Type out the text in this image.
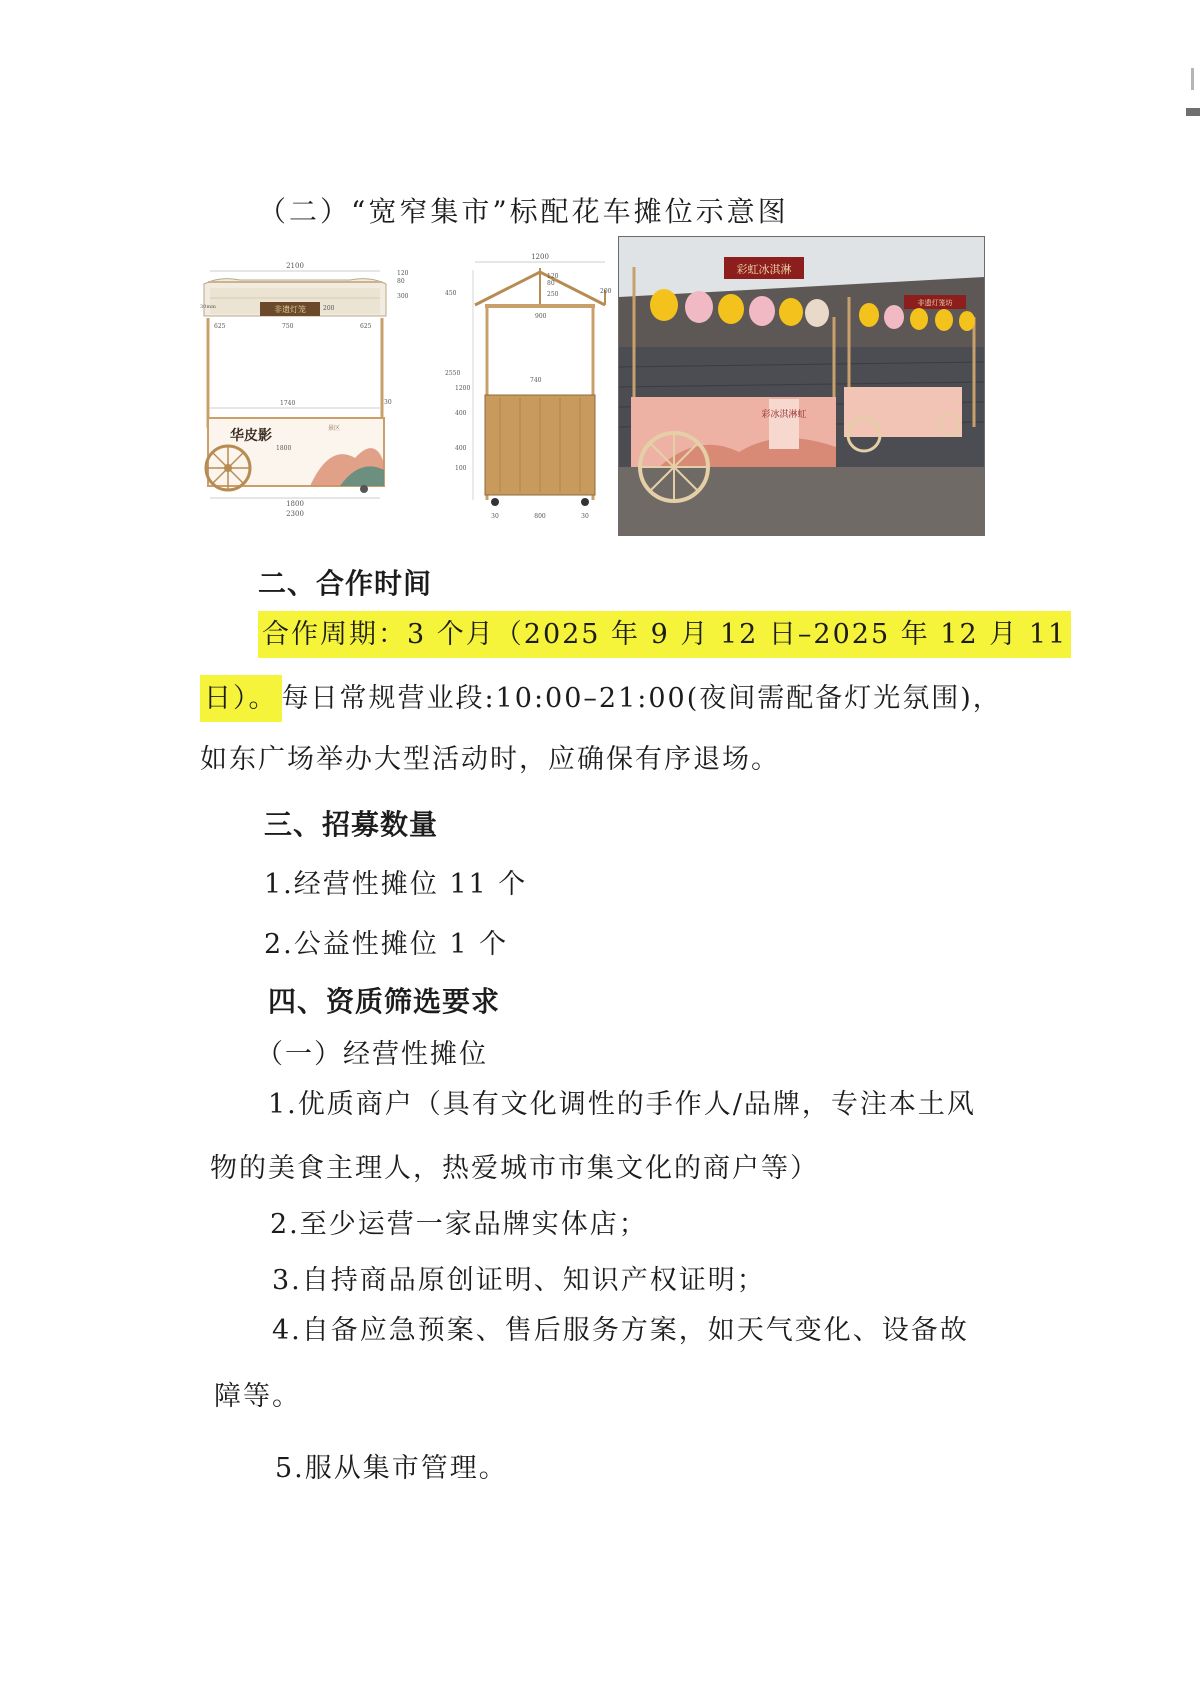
（二）“宽窄集市”标配花车摊位示意图
2100
非遗灯笼
120
80
300
30mm	200
625	750	625
1740	30
华皮影	景区
1800
1800
2300
1200
120
80
250	200
450
900
2550
1200
740
400
400
100
30	800	30
彩虹冰淇淋
非遗灯笼坊
彩冰淇淋虹
二、合作时间
合作周期：3 个月（2025 年 9 月 12 日–2025 年 12 月 11
日）。 每日常规营业段:10:00–21:00(夜间需配备灯光氛围)，
如东广场举办大型活动时，应确保有序退场。
三、招募数量
1.经营性摊位 11 个
2.公益性摊位 1 个
四、资质筛选要求
（一）经营性摊位
1.优质商户（具有文化调性的手作人/品牌，专注本土风
物的美食主理人，热爱城市市集文化的商户等）
2.至少运营一家品牌实体店；
3.自持商品原创证明、知识产权证明；
4.自备应急预案、售后服务方案，如天气变化、设备故
障等。
5.服从集市管理。
